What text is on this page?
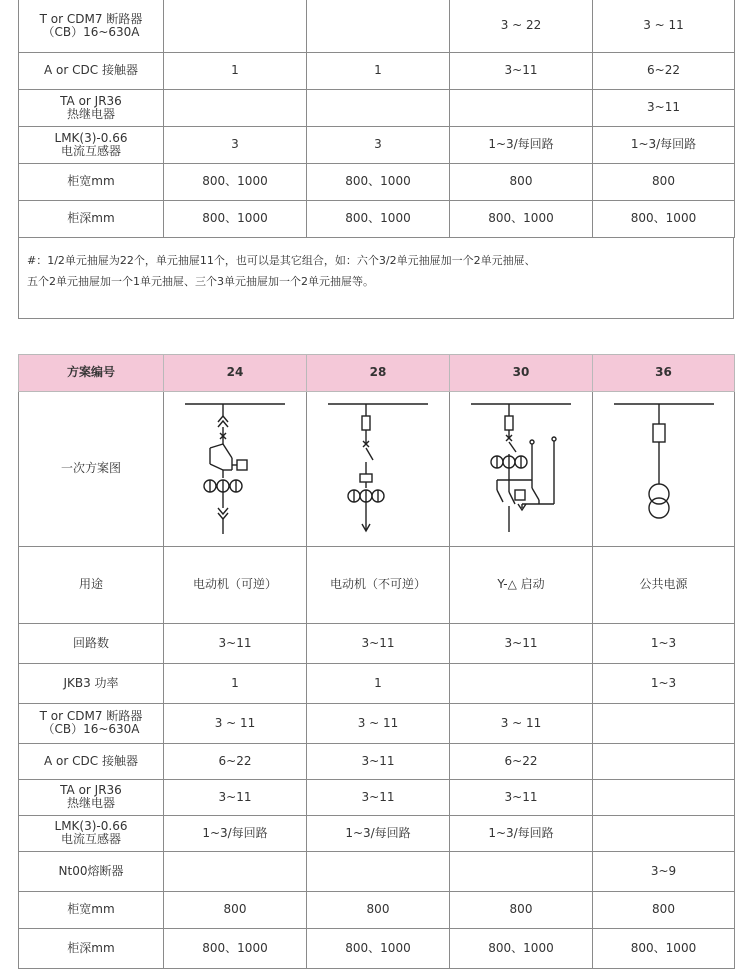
T or CDM7 断路器
（CB）16~630A			3 ~ 22	3 ~ 11

A or CDC 接触器	1	1	3~11	6~22

TA or JR36
热继电器				3~11

LMK(3)-0.66
电流互感器	3	3	1~3/每回路	1~3/每回路

柜宽mm	800、1000	800、1000	800	800

柜深mm	800、1000	800、1000	800、1000	800、1000
#：1/2单元抽屉为22个，单元抽屉11个，也可以是其它组合，如：六个3/2单元抽屉加一个2单元抽屉、
五个2单元抽屉加一个1单元抽屉、三个3单元抽屉加一个2单元抽屉等。
方案编号	24	28	30	36
一次方案图	

用途	电动机（可逆）	电动机（不可逆）	Y-△ 启动	公共电源

回路数	3~11	3~11	3~11	1~3

JKB3 功率	1	1		1~3

T or CDM7 断路器
（CB）16~630A	3 ~ 11	3 ~ 11	3 ~ 11	

A or CDC 接触器	6~22	3~11	6~22	

TA or JR36
热继电器	3~11	3~11	3~11	

LMK(3)-0.66
电流互感器	1~3/每回路	1~3/每回路	1~3/每回路	

Nt00熔断器				3~9

柜宽mm	800	800	800	800

柜深mm	800、1000	800、1000	800、1000	800、1000
